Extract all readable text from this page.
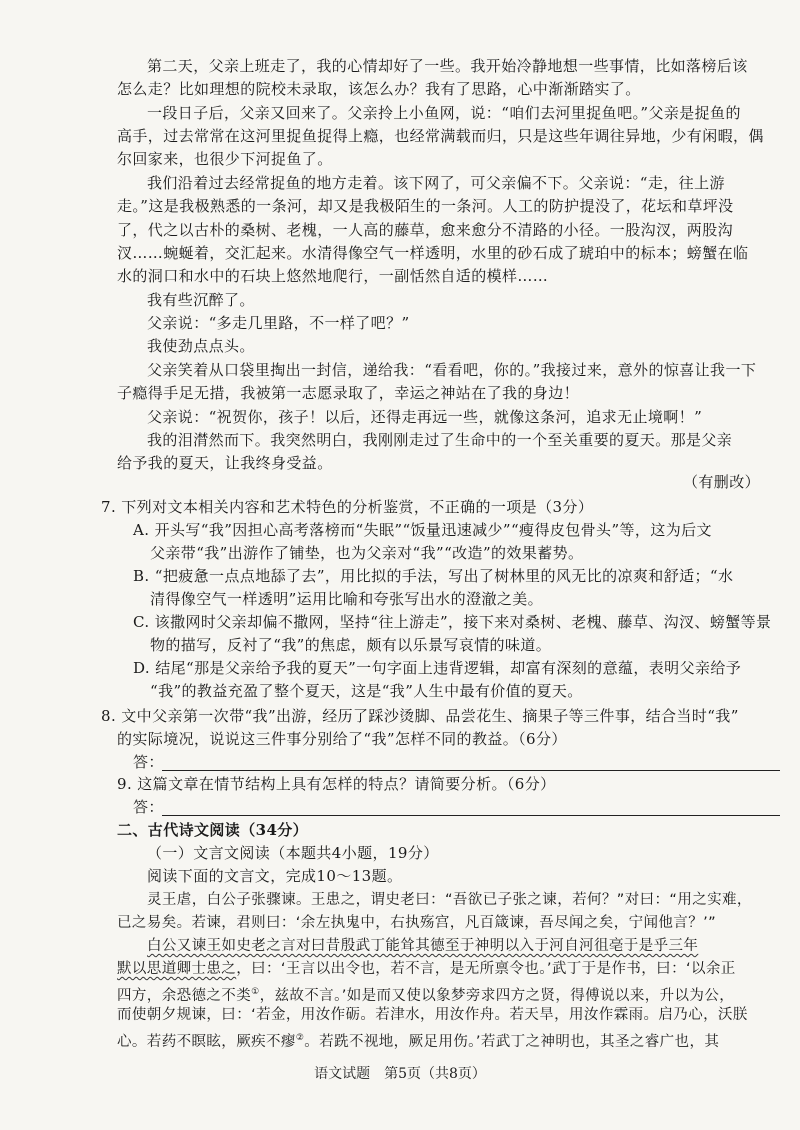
第二天，父亲上班走了，我的心情却好了一些。我开始冷静地想一些事情，比如落榜后该
怎么走？比如理想的院校未录取，该怎么办？我有了思路，心中渐渐踏实了。
一段日子后，父亲又回来了。父亲拎上小鱼网，说：“咱们去河里捉鱼吧。”父亲是捉鱼的
高手，过去常常在这河里捉鱼捉得上瘾，也经常满载而归，只是这些年调往异地，少有闲暇，偶
尔回家来，也很少下河捉鱼了。
我们沿着过去经常捉鱼的地方走着。该下网了，可父亲偏不下。父亲说：“走，往上游
走。”这是我极熟悉的一条河，却又是我极陌生的一条河。人工的防护提没了，花坛和草坪没
了，代之以古朴的桑树、老槐，一人高的藤草，愈来愈分不清路的小径。一股沟汊，两股沟
汊……蜿蜒着，交汇起来。水清得像空气一样透明，水里的砂石成了琥珀中的标本；螃蟹在临
水的洞口和水中的石块上悠然地爬行，一副恬然自适的模样……
我有些沉醉了。
父亲说：“多走几里路，不一样了吧？”
我使劲点点头。
父亲笑着从口袋里掏出一封信，递给我：“看看吧，你的。”我接过来，意外的惊喜让我一下
子瘾得手足无措，我被第一志愿录取了，幸运之神站在了我的身边！
父亲说：“祝贺你，孩子！以后，还得走再远一些，就像这条河，追求无止境啊！”
我的泪潸然而下。我突然明白，我刚刚走过了生命中的一个至关重要的夏天。那是父亲
给予我的夏天，让我终身受益。
（有删改）
7. 下列对文本相关内容和艺术特色的分析鉴赏，不正确的一项是（3分）
A. 开头写“我”因担心高考落榜而“失眠”“饭量迅速减少”“瘦得皮包骨头”等，这为后文
父亲带“我”出游作了铺垫，也为父亲对“我”“改造”的效果蓄势。
B. “把疲惫一点点地舔了去”，用比拟的手法，写出了树林里的风无比的凉爽和舒适；“水
清得像空气一样透明”运用比喻和夸张写出水的澄澈之美。
C. 该撒网时父亲却偏不撒网，坚持“往上游走”，接下来对桑树、老槐、藤草、沟汊、螃蟹等景
物的描写，反衬了“我”的焦虑，颇有以乐景写哀情的味道。
D. 结尾“那是父亲给予我的夏天”一句字面上违背逻辑，却富有深刻的意蕴，表明父亲给予
“我”的教益充盈了整个夏天，这是“我”人生中最有价值的夏天。
8. 文中父亲第一次带“我”出游，经历了踩沙烫脚、品尝花生、摘果子等三件事，结合当时“我”
的实际境况，说说这三件事分别给了“我”怎样不同的教益。（6分）
答：
9. 这篇文章在情节结构上具有怎样的特点？请简要分析。（6分）
答：
二、古代诗文阅读（34分）
（一）文言文阅读（本题共4小题，19分）
阅读下面的文言文，完成10～13题。
灵王虐，白公子张骤谏。王患之，谓史老曰：“吾欲已子张之谏，若何？”对曰：“用之实难，
已之易矣。若谏，君则曰：‘余左执鬼中，右执殇宫，凡百箴谏，吾尽闻之矣，宁闻他言？’”
白公又谏王如史老之言对曰昔殷武丁能耸其德至于神明以入于河自河徂亳于是乎三年
默以思道卿士患之，曰：‘王言以出令也，若不言，是无所禀令也。’武丁于是作书，曰：‘以余正
四方，余恐德之不类①，兹故不言。’如是而又使以象梦旁求四方之贤，得傅说以来，升以为公，
而使朝夕规谏，曰：‘若金，用汝作砺。若津水，用汝作舟。若天旱，用汝作霖雨。启乃心，沃朕
心。若药不瞑眩，厥疾不瘳②。若跣不视地，厥足用伤。’若武丁之神明也，其圣之睿广也，其
语文试题　第5页（共8页）
